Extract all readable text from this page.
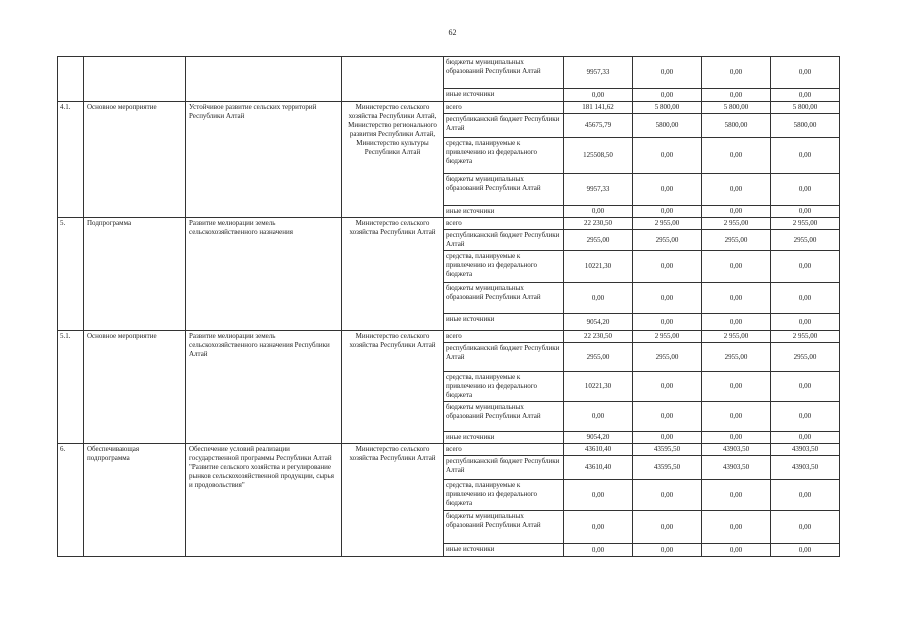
62
				бюджеты муниципальных образований Республики Алтай	9957,33	0,00	0,00	0,00
				иные источники	0,00	0,00	0,00	0,00
4.1.	Основное мероприятие	Устойчивое развитие сельских территорий Республики Алтай	Министерство сельского хозяйства Республики Алтай, Министерство регионального развития Республики Алтай, Министерство культуры Республики Алтай	всего	181 141,62	5 800,00	5 800,00	5 800,00
				республиканский бюджет Республики Алтай	45675,79	5800,00	5800,00	5800,00
				средства, планируемые к привлечению из федерального бюджета	125508,50	0,00	0,00	0,00
				бюджеты муниципальных образований Республики Алтай	9957,33	0,00	0,00	0,00
				иные источники	0,00	0,00	0,00	0,00
5.	Подпрограмма	Развитие мелиорации земель сельскохозяйственного назначения	Министерство сельского хозяйства Республики Алтай	всего	22 230,50	2 955,00	2 955,00	2 955,00
				республиканский бюджет Республики Алтай	2955,00	2955,00	2955,00	2955,00
				средства, планируемые к привлечению из федерального бюджета	10221,30	0,00	0,00	0,00
				бюджеты муниципальных образований Республики Алтай	0,00	0,00	0,00	0,00
				иные источники	9054,20	0,00	0,00	0,00
5.1.	Основное мероприятие	Развитие мелиорации земель сельскохозяйственного назначения Республики Алтай	Министерство сельского хозяйства Республики Алтай	всего	22 230,50	2 955,00	2 955,00	2 955,00
				республиканский бюджет Республики Алтай	2955,00	2955,00	2955,00	2955,00
				средства, планируемые к привлечению из федерального бюджета	10221,30	0,00	0,00	0,00
				бюджеты муниципальных образований Республики Алтай	0,00	0,00	0,00	0,00
				иные источники	9054,20	0,00	0,00	0,00
6.	Обеспечивающая подпрограмма	Обеспечение условий реализации государственной программы Республики Алтай "Развитие сельского хозяйства и регулирование рынков сельскохозяйственной продукции, сырья и продовольствия"	Министерство сельского хозяйства Республики Алтай	всего	43610,40	43595,50	43903,50	43903,50
				республиканский бюджет Республики Алтай	43610,40	43595,50	43903,50	43903,50
				средства, планируемые к привлечению из федерального бюджета	0,00	0,00	0,00	0,00
				бюджеты муниципальных образований Республики Алтай	0,00	0,00	0,00	0,00
				иные источники	0,00	0,00	0,00	0,00
